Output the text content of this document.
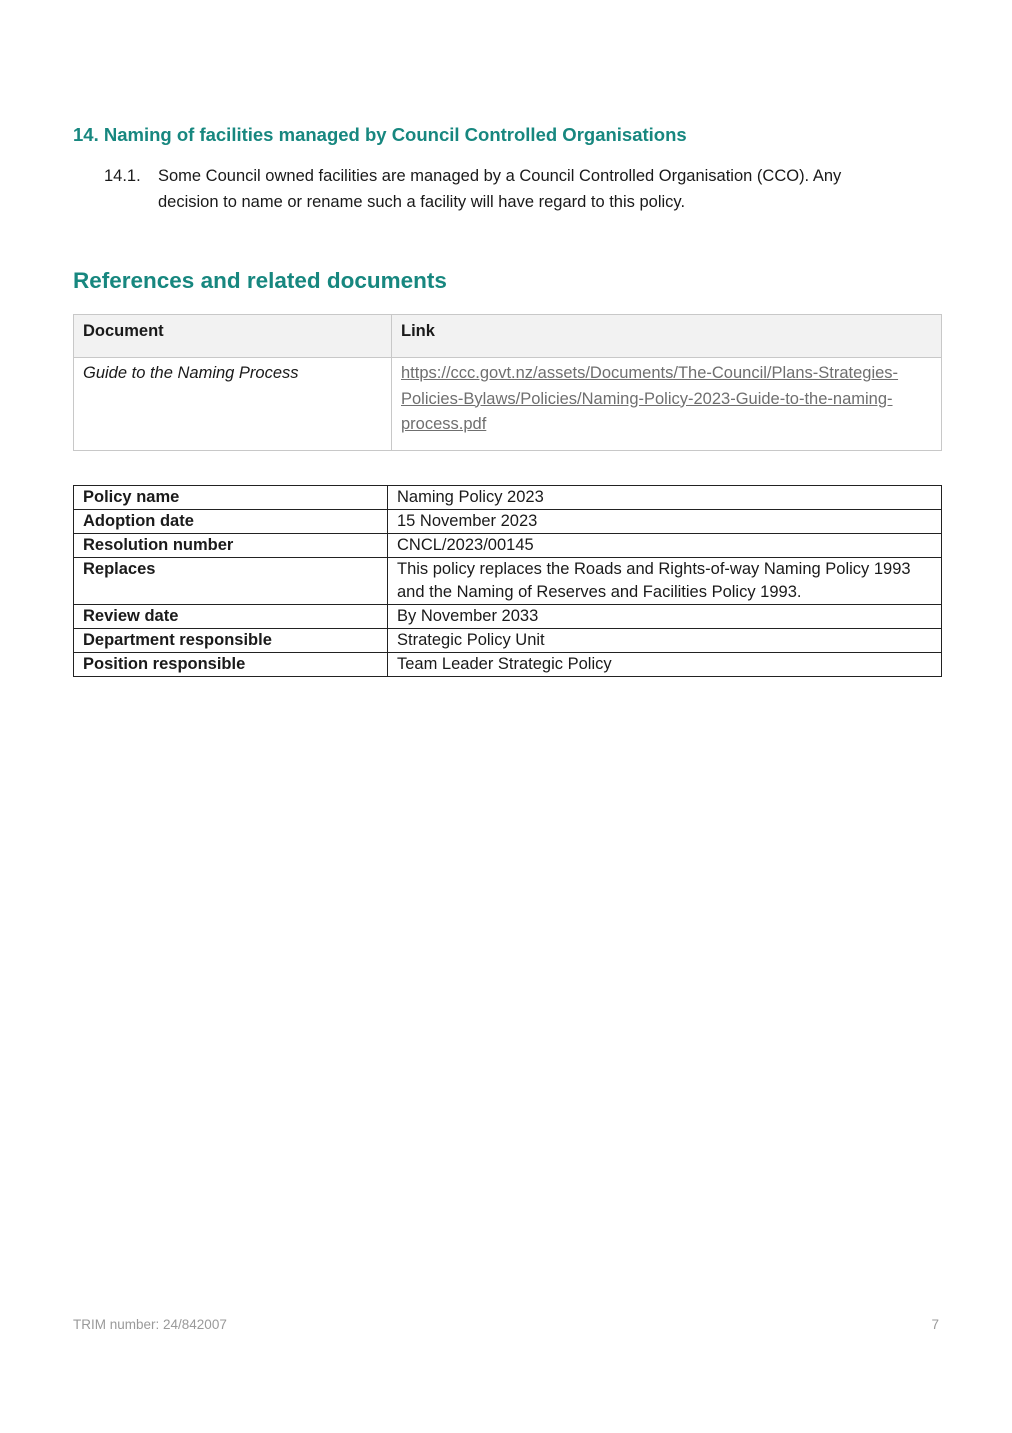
14. Naming of facilities managed by Council Controlled Organisations
14.1. Some Council owned facilities are managed by a Council Controlled Organisation (CCO). Any decision to name or rename such a facility will have regard to this policy.
References and related documents
Document	Link
Guide to the Naming Process	https://ccc.govt.nz/assets/Documents/The-Council/Plans-Strategies-Policies-Bylaws/Policies/Naming-Policy-2023-Guide-to-the-naming-process.pdf
Policy name	Naming Policy 2023
Adoption date	15 November 2023
Resolution number	CNCL/2023/00145
Replaces	This policy replaces the Roads and Rights-of-way Naming Policy 1993 and the Naming of Reserves and Facilities Policy 1993.
Review date	By November 2033
Department responsible	Strategic Policy Unit
Position responsible	Team Leader Strategic Policy
TRIM number: 24/842007	7
